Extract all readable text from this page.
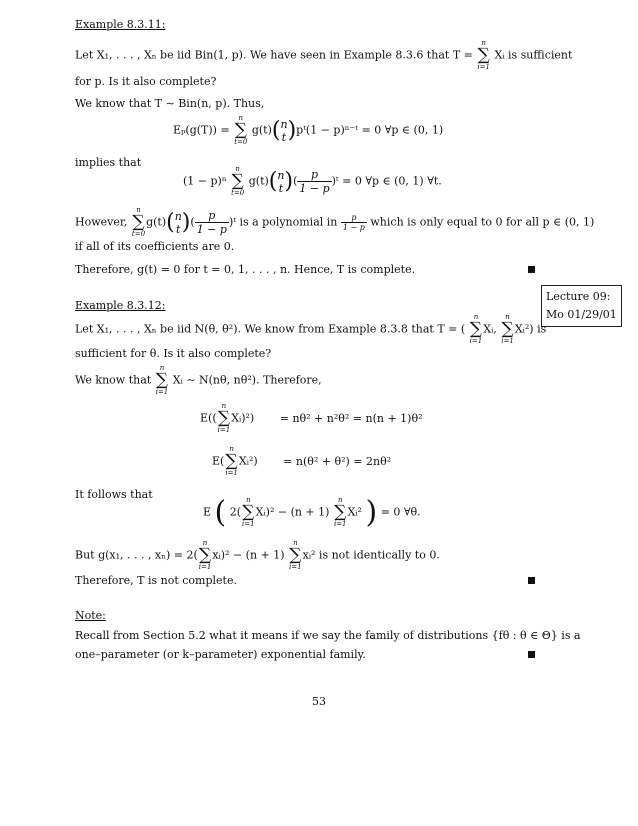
Example 8.3.11:
Let X₁, . . . , Xₙ be iid Bin(1, p). We have seen in Example 8.3.6 that T =
n
∑
i=1
Xᵢ is sufficient
for p. Is it also complete?
We know that T ∼ Bin(n, p). Thus,
Eₚ(g(T)) =
n
∑
t=0
g(t)( n
t )pᵗ(1 − p)ⁿ⁻ᵗ = 0 ∀p ∈ (0, 1)
implies that
(1 − p)ⁿ
n
∑
t=0
g(t)( n
t )( $\frac{p}{1 - p}$ )ᵗ = 0 ∀p ∈ (0, 1) ∀t.
However,
n
∑
t=0
g(t)( n
t )( $\frac{p}{1 - p}$ )ᵗ is a polynomial in $\frac{p}{1 - p}$ which is only equal to 0 for all p ∈ (0, 1)
if all of its coefficients are 0.
Therefore, g(t) = 0 for t = 0, 1, . . . , n. Hence, T is complete.
Lecture 09:
Mo 01/29/01
Example 8.3.12:
Let X₁, . . . , Xₙ be iid N(θ, θ²). We know from Example 8.3.8 that T = (
n
∑
i=1
Xᵢ,
n
∑
i=1
Xᵢ²) is
sufficient for θ. Is it also complete?
We know that
n
∑
i=1
Xᵢ ∼ N(nθ, nθ²). Therefore,
E((
n
∑
i=1
Xᵢ)²) = nθ² + n²θ² = n(n + 1)θ²
E(
n
∑
i=1
Xᵢ²) = n(θ² + θ²) = 2nθ²
It follows that
E ( 2(
n
∑
i=1
Xᵢ)² − (n + 1)
n
∑
i=1
Xᵢ² ) = 0 ∀θ.
But g(x₁, . . . , xₙ) = 2(
n
∑
i=1
xᵢ)² − (n + 1)
n
∑
i=1
xᵢ² is not identically to 0.
Therefore, T is not complete.
Note:
Recall from Section 5.2 what it means if we say the family of distributions {fθ : θ ∈ Θ} is a
one–parameter (or k–parameter) exponential family.
53
